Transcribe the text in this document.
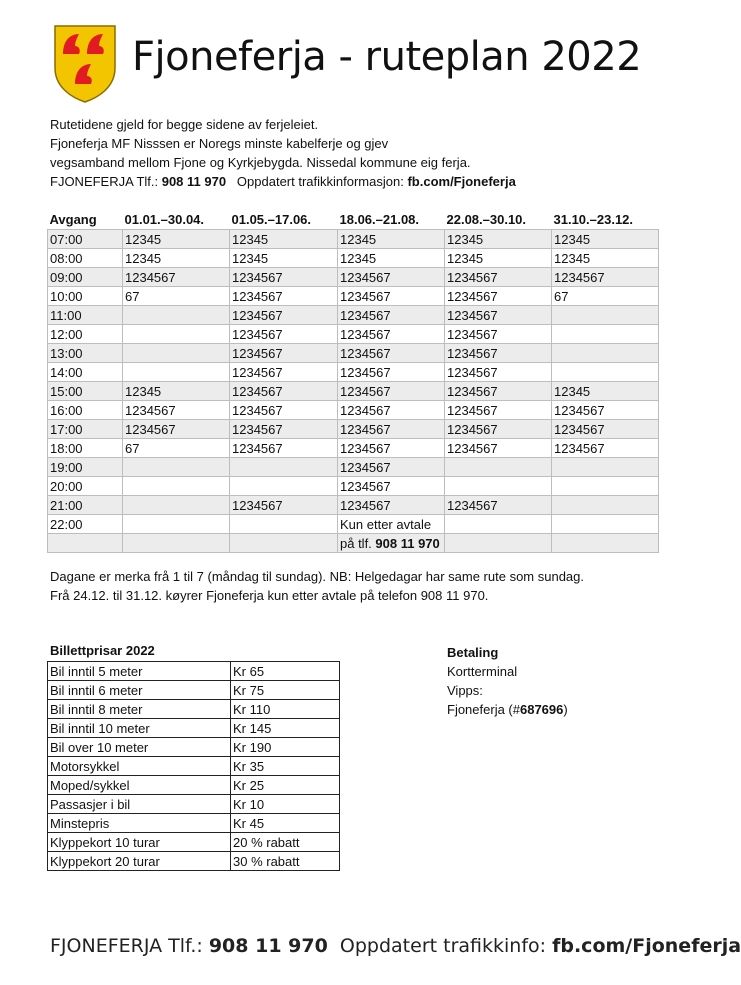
Fjoneferja - ruteplan 2022
Rutetidene gjeld for begge sidene av ferjeleiet.
Fjoneferja MF Nisssen er Noregs minste kabelferje og gjev
vegsamband mellom Fjone og Kyrkjebygda. Nissedal kommune eig ferja.
FJONEFERJA Tlf.: 908 11 970 Oppdatert trafikkinformasjon: fb.com/Fjoneferja
Avgang	01.01.–30.04.	01.05.–17.06.	18.06.–21.08.	22.08.–30.10.	31.10.–23.12.
07:00	12345	12345	12345	12345	12345
08:00	12345	12345	12345	12345	12345
09:00	1234567	1234567	1234567	1234567	1234567
10:00	67	1234567	1234567	1234567	67
11:00		1234567	1234567	1234567	
12:00		1234567	1234567	1234567	
13:00		1234567	1234567	1234567	
14:00		1234567	1234567	1234567	
15:00	12345	1234567	1234567	1234567	12345
16:00	1234567	1234567	1234567	1234567	1234567
17:00	1234567	1234567	1234567	1234567	1234567
18:00	67	1234567	1234567	1234567	1234567
19:00			1234567		
20:00			1234567		
21:00		1234567	1234567	1234567	
22:00			Kun etter avtale		
			på tlf. 908 11 970		
Dagane er merka frå 1 til 7 (måndag til sundag). NB: Helgedagar har same rute som sundag.
Frå 24.12. til 31.12. køyrer Fjoneferja kun etter avtale på telefon 908 11 970.
Billettprisar 2022
Bil inntil 5 meter	Kr 65
Bil inntil 6 meter	Kr 75
Bil inntil 8 meter	Kr 110
Bil inntil 10 meter	Kr 145
Bil over 10 meter	Kr 190
Motorsykkel	Kr 35
Moped/sykkel	Kr 25
Passasjer i bil	Kr 10
Minstepris	Kr 45
Klyppekort 10 turar	20 % rabatt
Klyppekort 20 turar	30 % rabatt
Betaling
Kortterminal
Vipps:
Fjoneferja (#687696)
FJONEFERJA Tlf.: 908 11 970  Oppdatert trafikkinfo: fb.com/Fjoneferja
